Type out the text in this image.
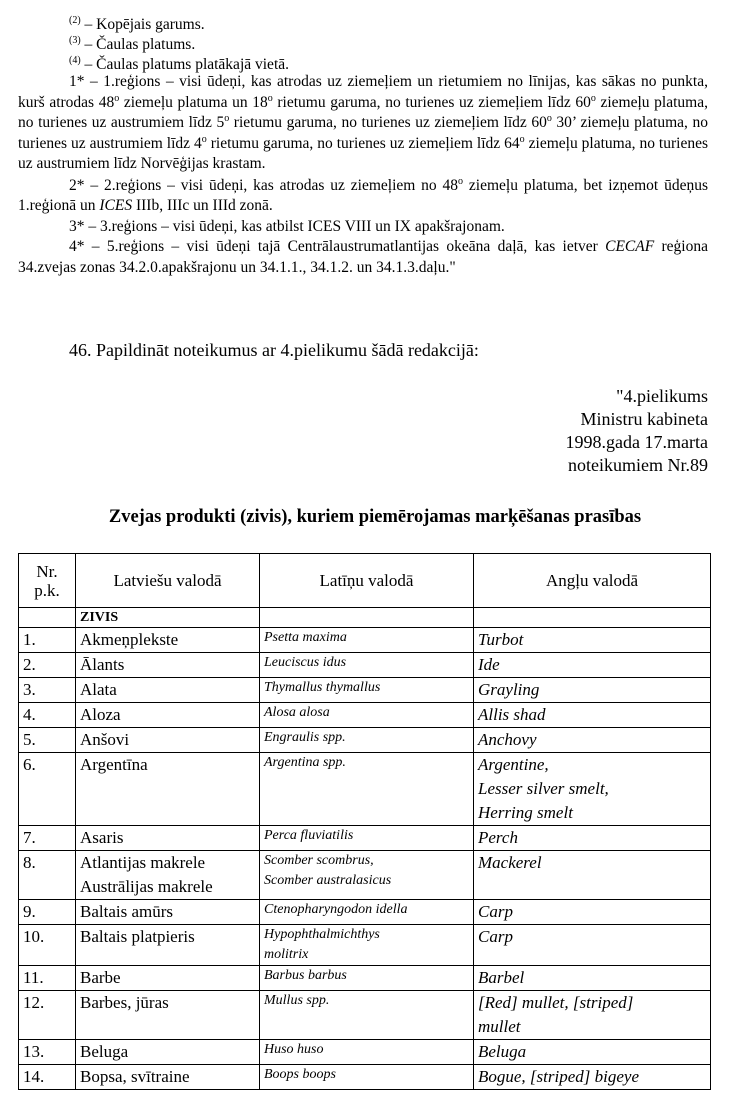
$^{(2)}$ – Kopējais garums.
$^{(3)}$ – Čaulas platums.
$^{(4)}$ – Čaulas platums platākajā vietā.

1* – 1.reģions – visi ūdeņi, kas atrodas uz ziemeļiem un rietumiem no līnijas, kas sākas no punkta, kurš atrodas 48$^o$ ziemeļu platuma un 18$^o$ rietumu garuma, no turienes uz ziemeļiem līdz 60$^o$ ziemeļu platuma, no turienes uz austrumiem līdz 5$^o$ rietumu garuma, no turienes uz ziemeļiem līdz 60$^o$ 30’ ziemeļu platuma, no turienes uz austrumiem līdz 4$^o$ rietumu garuma, no turienes uz ziemeļiem līdz 64$^o$ ziemeļu platuma, no turienes uz austrumiem līdz Norvēģijas krastam.

2* – 2.reģions – visi ūdeņi, kas atrodas uz ziemeļiem no 48$^o$ ziemeļu platuma, bet izņemot ūdeņus 1.reģionā un ICES IIIb, IIIc un IIId zonā.

3* – 3.reģions – visi ūdeņi, kas atbilst ICES VIII un IX apakšrajonam.

4* – 5.reģions – visi ūdeņi tajā Centrālaustrumatlantijas okeāna daļā, kas ietver CECAF reģiona 34.zvejas zonas 34.2.0.apakšrajonu un 34.1.1., 34.1.2. un 34.1.3.daļu."

46. Papildināt noteikumus ar 4.pielikumu šādā redakcijā:
"4.pielikums
Ministru kabineta
1998.gada 17.marta
noteikumiem Nr.89
Zvejas produkti (zivis), kuriem piemērojamas marķēšanas prasības
Nr.
p.k.	Latviešu valodā	Latīņu valodā	Angļu valodā
	ZIVIS		
1.	Akmeņplekste	Psetta maxima	Turbot

2.	Ālants	Leuciscus idus	Ide

3.	Alata	Thymallus thymallus	Grayling

4.	Aloza	Alosa alosa	Allis shad

5.	Anšovi	Engraulis spp.	Anchovy

6.	Argentīna	Argentina spp.	Argentine,
Lesser silver smelt,
Herring smelt

7.	Asaris	Perca fluviatilis	Perch

8.	Atlantijas makrele
Austrālijas makrele	Scomber scombrus,
Scomber australasicus	Mackerel

9.	Baltais amūrs	Ctenopharyngodon idella	Carp

10.	Baltais platpieris	Hypophthalmichthys
molitrix	Carp

11.	Barbe	Barbus barbus	Barbel

12.	Barbes, jūras	Mullus spp.	[Red] mullet, [striped]
mullet

13.	Beluga	Huso huso	Beluga

14.	Bopsa, svītraine	Boops boops	Bogue, [striped] bigeye
